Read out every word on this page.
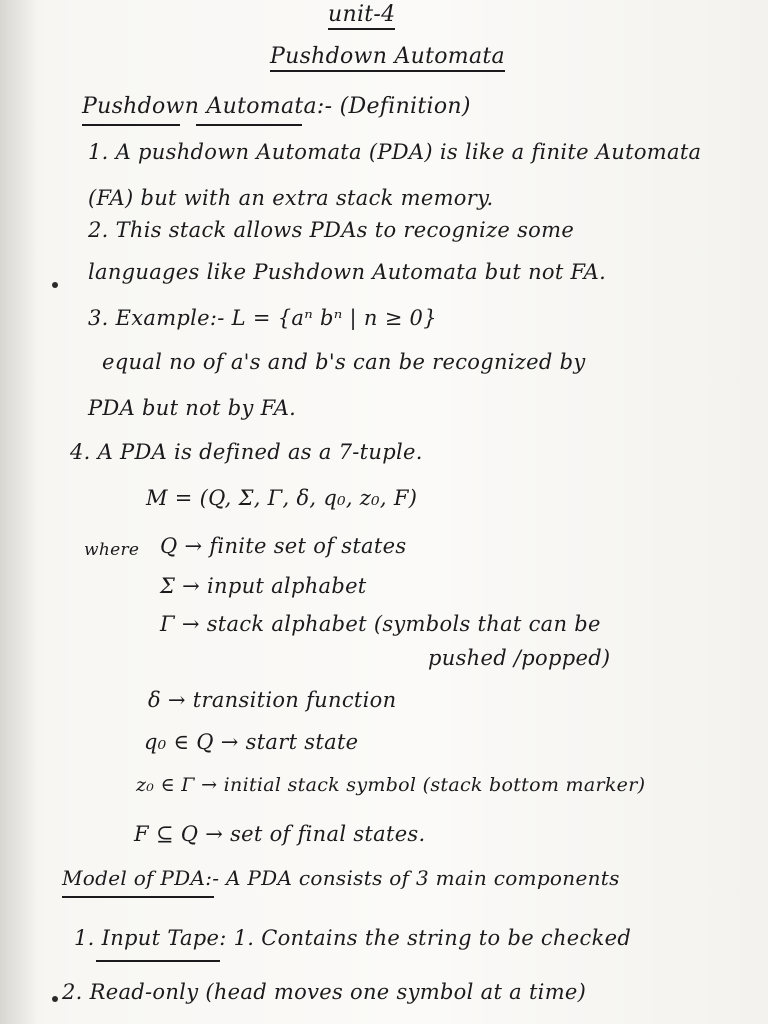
unit-4
Pushdown Automata
Pushdown Automata:- (Definition)
1. A pushdown Automata (PDA) is like a finite Automata
(FA) but with an extra stack memory.
2. This stack allows PDAs to recognize some
languages like Pushdown Automata but not FA.
3. Example:- L = {aⁿ bⁿ | n ≥ 0}
equal no of a's and b's can be recognized by
PDA but not by FA.
4. A PDA is defined as a 7-tuple.
M = (Q, Σ, Γ, δ, q₀, z₀, F)
where Q → finite set of states
Σ → input alphabet
Γ → stack alphabet (symbols that can be
pushed /popped)
δ → transition function
q₀ ∈ Q → start state
z₀ ∈ Γ → initial stack symbol (stack bottom marker)
F ⊆ Q → set of final states.
Model of PDA:- A PDA consists of 3 main components
1. Input Tape: 1. Contains the string to be checked
2. Read-only (head moves one symbol at a time)
